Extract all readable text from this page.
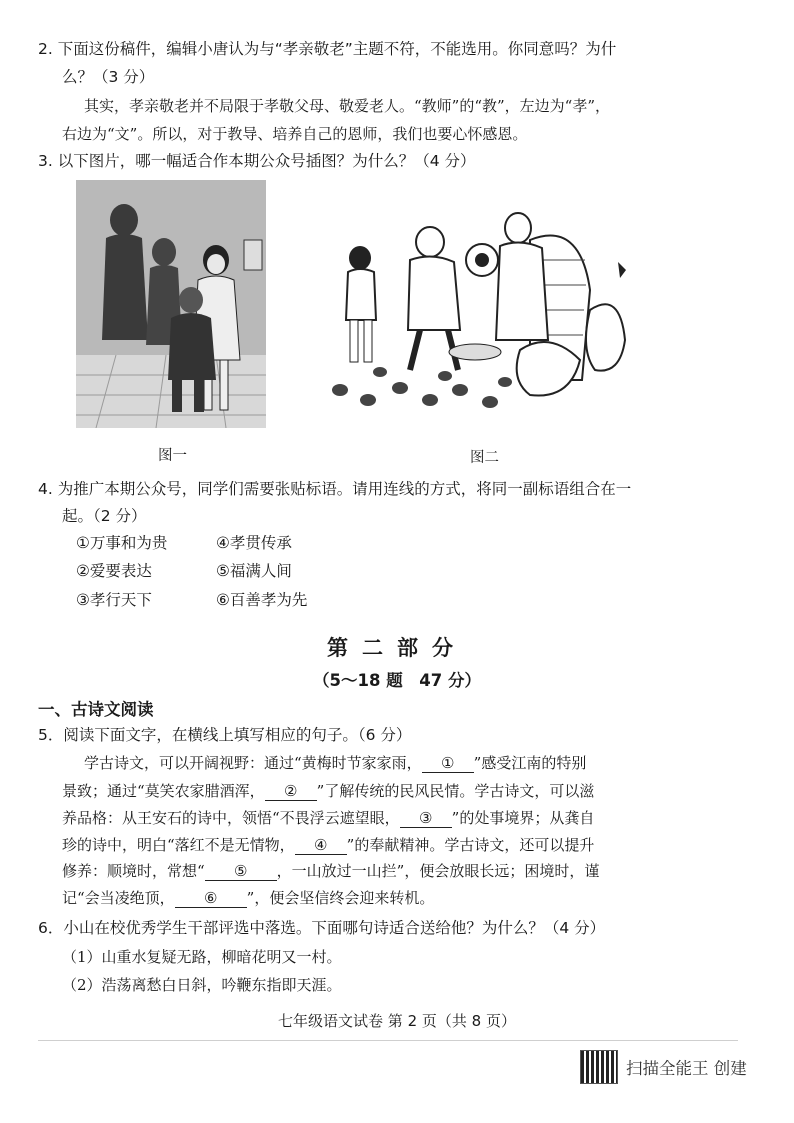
2. 下面这份稿件，编辑小唐认为与“孝亲敬老”主题不符，不能选用。你同意吗？为什
么？（3 分）
其实，孝亲敬老并不局限于孝敬父母、敬爱老人。“教师”的“教”，左边为“孝”，
右边为“文”。所以，对于教导、培养自己的恩师，我们也要心怀感恩。
3. 以下图片，哪一幅适合作本期公众号插图？为什么？（4 分）
图一	图二
4. 为推广本期公众号，同学们需要张贴标语。请用连线的方式，将同一副标语组合在一
起。（2 分）
①万事和为贵
②爱要表达
③孝行天下
④孝贯传承
⑤福满人间
⑥百善孝为先
第二部分
（5～18 题　47 分）
一、古诗文阅读
5．阅读下面文字，在横线上填写相应的句子。（6 分）
学古诗文，可以开阔视野：通过“黄梅时节家家雨， ① ”感受江南的特别
景致；通过“莫笑农家腊酒浑， ② ”了解传统的民风民情。学古诗文，可以滋
养品格：从王安石的诗中，领悟“不畏浮云遮望眼， ③ ”的处事境界；从龚自
珍的诗中，明白“落红不是无情物， ④ ”的奉献精神。学古诗文，还可以提升
修养：顺境时，常想“ ⑤ ，一山放过一山拦”，便会放眼长远；困境时，谨
记“会当凌绝顶， ⑥ ”，便会坚信终会迎来转机。
6．小山在校优秀学生干部评选中落选。下面哪句诗适合送给他？为什么？（4 分）
（1）山重水复疑无路，柳暗花明又一村。
（2）浩荡离愁白日斜，吟鞭东指即天涯。
七年级语文试卷 第 2 页（共 8 页）
扫描全能王 创建
